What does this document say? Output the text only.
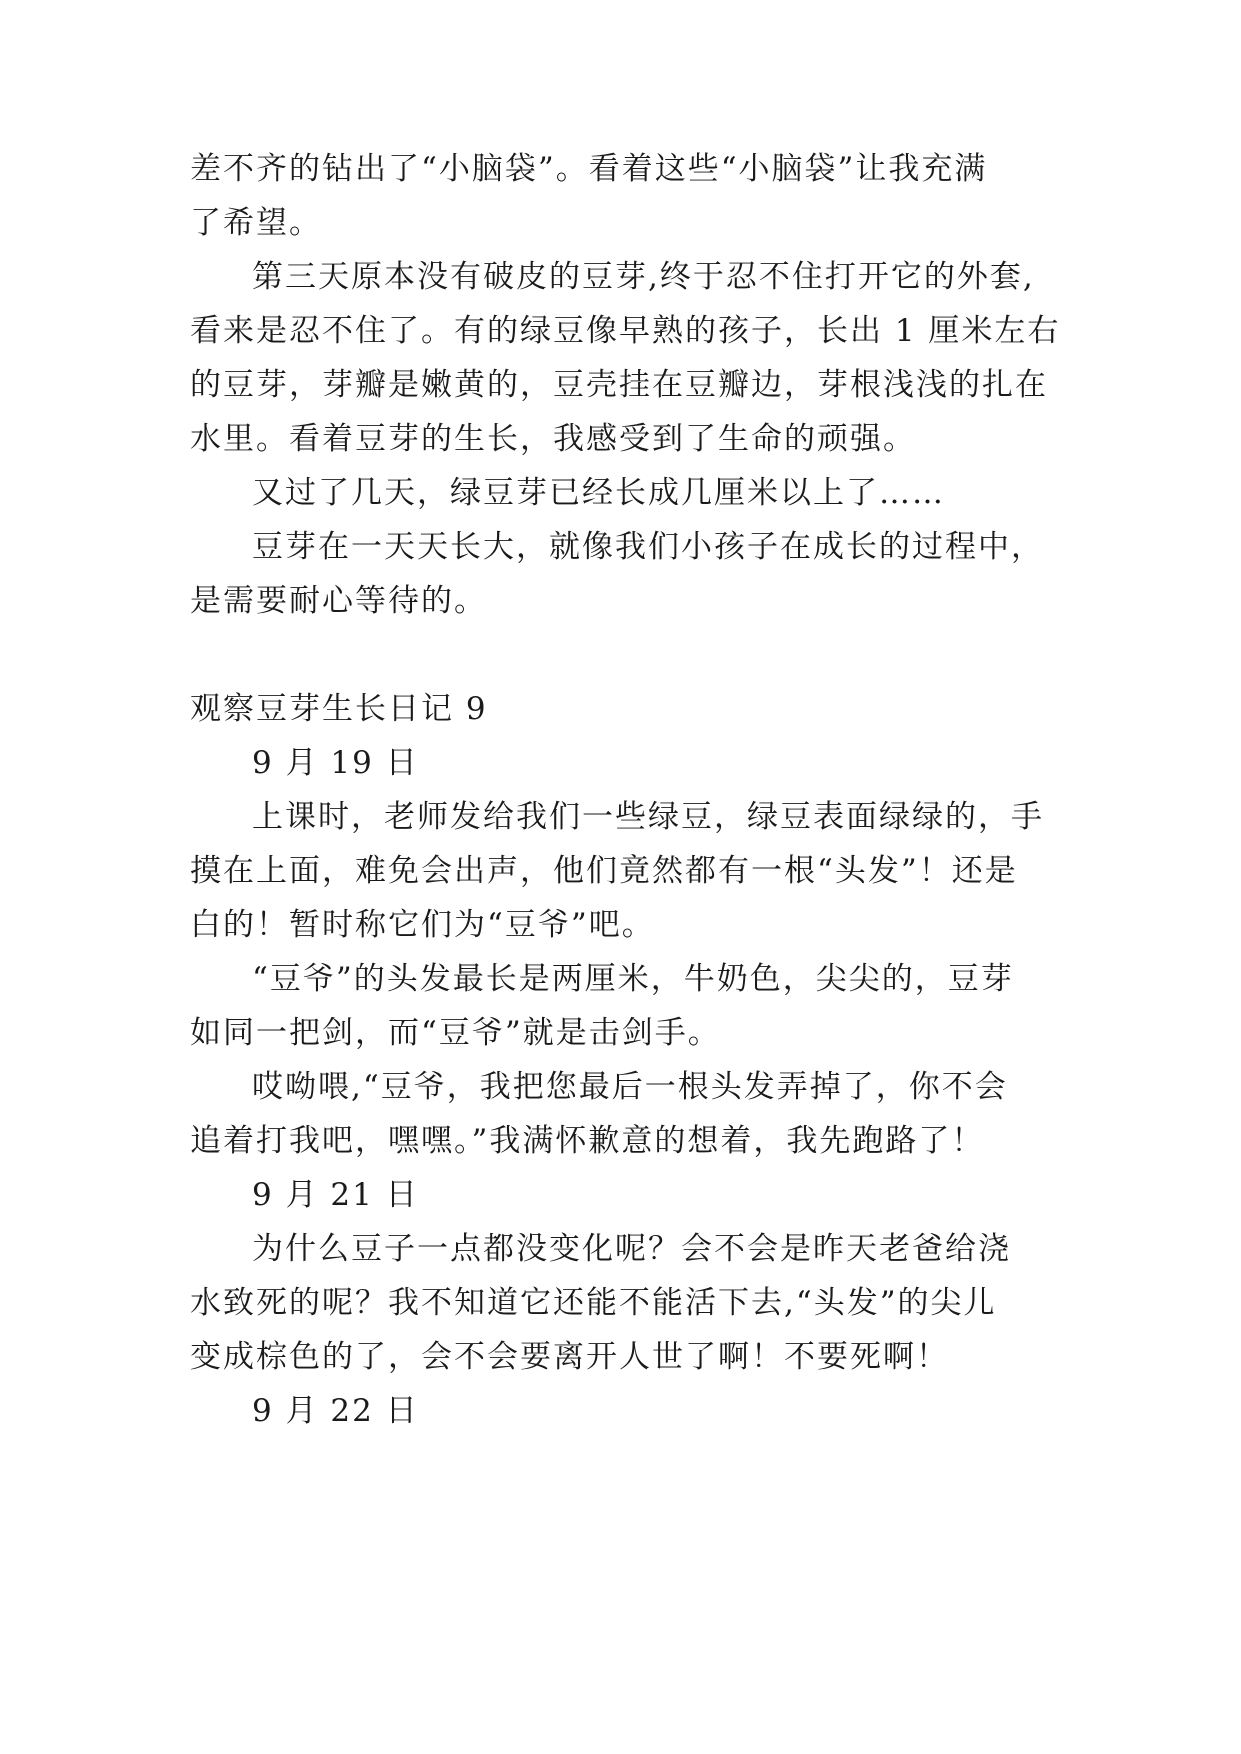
差不齐的钻出了“小脑袋”。看着这些“小脑袋”让我充满
了希望。
第三天原本没有破皮的豆芽,终于忍不住打开它的外套,
看来是忍不住了。有的绿豆像早熟的孩子，长出 1 厘米左右
的豆芽，芽瓣是嫩黄的，豆壳挂在豆瓣边，芽根浅浅的扎在
水里。看着豆芽的生长，我感受到了生命的顽强。
又过了几天，绿豆芽已经长成几厘米以上了……
豆芽在一天天长大，就像我们小孩子在成长的过程中，
是需要耐心等待的。
观察豆芽生长日记 9
9 月 19 日
上课时，老师发给我们一些绿豆，绿豆表面绿绿的，手
摸在上面，难免会出声，他们竟然都有一根“头发”！还是
白的！暂时称它们为“豆爷”吧。
“豆爷”的头发最长是两厘米，牛奶色，尖尖的，豆芽
如同一把剑，而“豆爷”就是击剑手。
哎呦喂,“豆爷，我把您最后一根头发弄掉了，你不会
追着打我吧，嘿嘿。”我满怀歉意的想着，我先跑路了！
9 月 21 日
为什么豆子一点都没变化呢？会不会是昨天老爸给浇
水致死的呢？我不知道它还能不能活下去,“头发”的尖儿
变成棕色的了，会不会要离开人世了啊！不要死啊！
9 月 22 日
